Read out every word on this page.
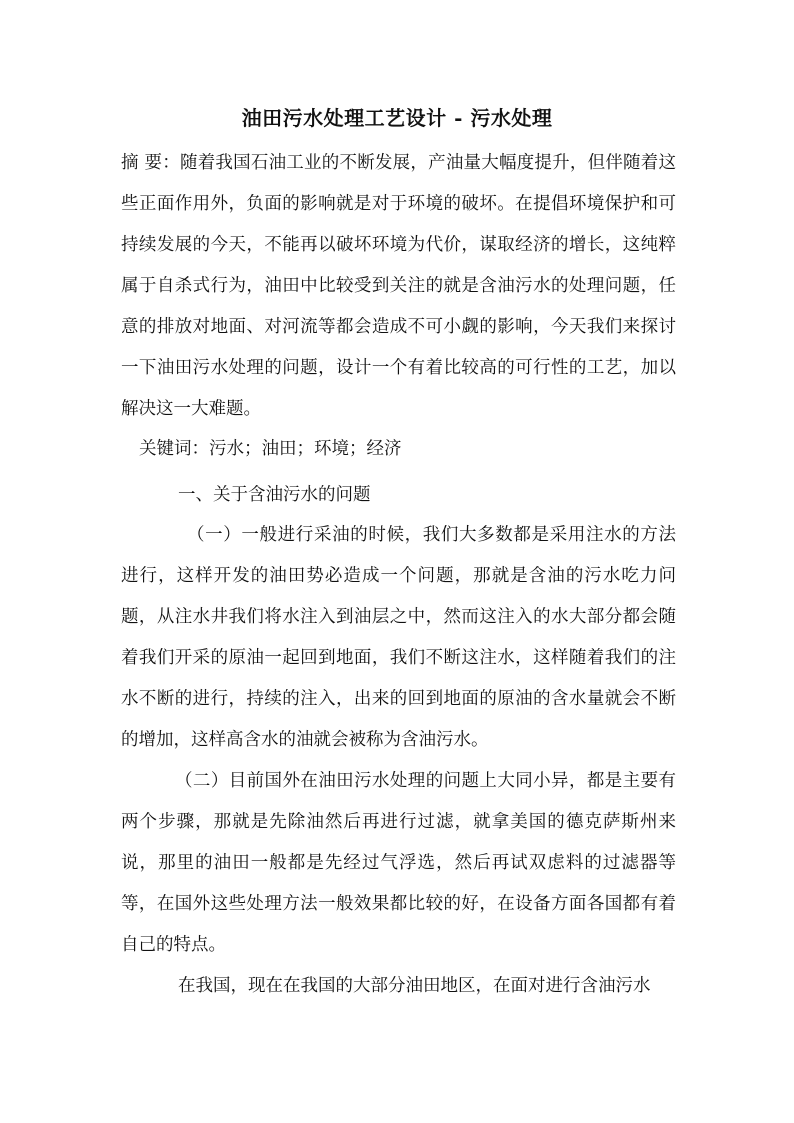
油田污水处理工艺设计 - 污水处理
摘 要：随着我国石油工业的不断发展，产油量大幅度提升，但伴随着这些正面作用外，负面的影响就是对于环境的破坏。在提倡环境保护和可持续发展的今天，不能再以破坏环境为代价，谋取经济的增长，这纯粹属于自杀式行为，油田中比较受到关注的就是含油污水的处理问题，任意的排放对地面、对河流等都会造成不可小觑的影响，今天我们来探讨一下油田污水处理的问题，设计一个有着比较高的可行性的工艺，加以解决这一大难题。
关键词：污水；油田；环境；经济
一、关于含油污水的问题
（一）一般进行采油的时候，我们大多数都是采用注水的方法进行，这样开发的油田势必造成一个问题，那就是含油的污水吃力问题，从注水井我们将水注入到油层之中，然而这注入的水大部分都会随着我们开采的原油一起回到地面，我们不断这注水，这样随着我们的注水不断的进行，持续的注入，出来的回到地面的原油的含水量就会不断的增加，这样高含水的油就会被称为含油污水。
（二）目前国外在油田污水处理的问题上大同小异，都是主要有两个步骤，那就是先除油然后再进行过滤，就拿美国的德克萨斯州来说，那里的油田一般都是先经过气浮选，然后再试双虑料的过滤器等等，在国外这些处理方法一般效果都比较的好，在设备方面各国都有着自己的特点。
在我国，现在在我国的大部分油田地区，在面对进行含油污水
